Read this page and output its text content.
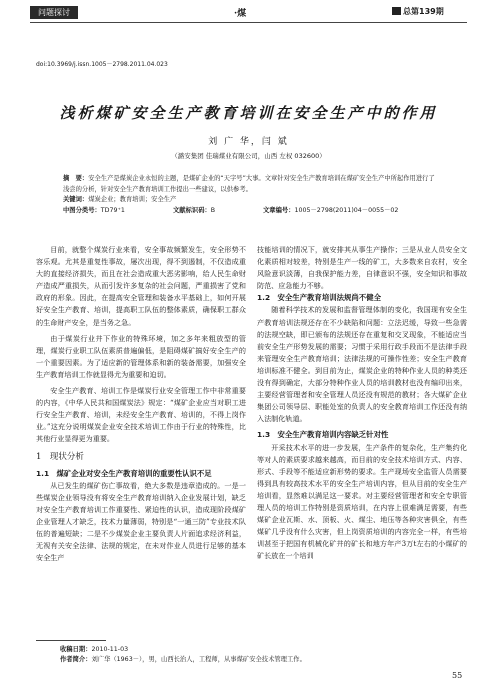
问题探讨	·煤	总第139期
doi:10.3969/j.issn.1005－2798.2011.04.023
浅析煤矿安全生产教育培训在安全生产中的作用
刘 广 华，闫 斌
（潞安集团 佳瑞煤业有限公司，山西 左权 032600）

摘　要：安全生产是煤炭企业永恒的主题，是煤矿企业的“天字号”大事。文章针对安全生产教育培训在煤矿安全生产中所起作用进行了浅尝的分析，针对安全生产教育培训工作提出一些建议，以供参考。

关键词：煤炭企业；教育培训；安全生产

中图分类号：TD79⁺1	文献标识码：B	文章编号：1005－2798(2011)04－0055－02

目前，就整个煤炭行业来看，安全事故频繁发生，安全形势不容乐观。尤其是重复性事故，屡次出现，得不到遏制，不仅造成重大的直接经济损失，而且在社会造成重大恶劣影响，给人民生命财产造成严重损失，从而引发许多复杂的社会问题，严重损害了党和政府的形象。因此，在提高安全管理和装备水平基础上，如何开展好安全生产教育、培训，提高职工队伍的整体素质，确保职工群众的生命财产安全，是当务之急。

由于煤炭行业井下作业的特殊环境，加之多年来粗放型的管理，煤炭行业职工队伍素质普遍偏低，是阻碍煤矿搞好安全生产的一个重要因素。为了适应新的管理体系和新的装备需要，加强安全生产教育培训工作就显得尤为重要和迫切。

安全生产教育、培训工作是煤炭行业安全管理工作中非常重要的内容，《中华人民共和国煤炭法》规定：“煤矿企业应当对职工进行安全生产教育、培训，未经安全生产教育、培训的，不得上岗作业。”这充分说明煤炭企业安全技术培训工作由于行业的特殊性，比其他行业显得更为重要。

1　现状分析
1.1　煤矿企业对安全生产教育培训的重要性认识不足

从已发生的煤矿伤亡事故看，绝大多数是违章造成的。一是一些煤炭企业领导没有将安全生产教育培训纳入企业发展计划，缺乏对安全生产教育培训工作重要性、紧迫性的认识，造成现阶段煤矿企业管理人才缺乏，技术力量薄弱，特别是“一通三防”专业技术队伍的普遍短缺；二是不少煤炭企业主要负责人片面追求经济利益，无视有关安全法律、法规的规定，在未对作业人员进行足够的基本安全生产

技能培训的情况下，就安排其从事生产操作；三是从业人员安全文化素质相对较差，特别是生产一线的矿工，大多数来自农村，安全风险意识淡薄，自我保护能力差，自律意识不强，安全知识和事故防范、应急能力不够。

1.2　安全生产教育培训法规尚不健全

随着科学技术的发展和监督管理体制的变化，我国现有安全生产教育培训法规还存在不少缺陷和问题：立法迟缓，导致一些急需的法规空缺，即已颁布的法规还存在重复和交叉现象，不能适应当前安全生产形势发展的需要；习惯于采用行政手段而不是法律手段来管理安全生产教育培训；法律法规的可操作性差；安全生产教育培训标准不健全。到目前为止，煤炭企业的特种作业人员的种类还没有得到确定，大部分特种作业人员的培训教材也没有编印出来，主要经营管理者和安全管理人员还没有规范的教材；各大煤矿企业集团公司领导层、职能处室的负责人的安全教育培训工作还没有纳入法制化轨道。

1.3　安全生产教育培训内容缺乏针对性

开采技术水平的进一步发展，生产条件的复杂化，生产集约化等对人的素质要求越来越高，而目前的安全技术培训方式、内容、形式、手段等不能适应新形势的要求。生产现场安全监管人员需要得到具有较高技术水平的安全生产培训内容，但从目前的安全生产培训看，显然难以满足这一要求。对主要经营管理者和安全专职管理人员的培训工作特别是资质培训，在内容上很难满足需要，有些煤矿企业瓦斯、水、顶板、火、煤尘、地压等各种灾害俱全，有些煤矿几乎没有什么灾害，但上岗资质培训的内容完全一样，有些培训甚至于把国有机械化矿井的矿长和地方年产3万t左右的小煤矿的矿长放在一个培训

收稿日期：2010-11-03

作者简介：刘广华（1963－），男，山西长治人，工程师，从事煤矿安全技术管理工作。

55
